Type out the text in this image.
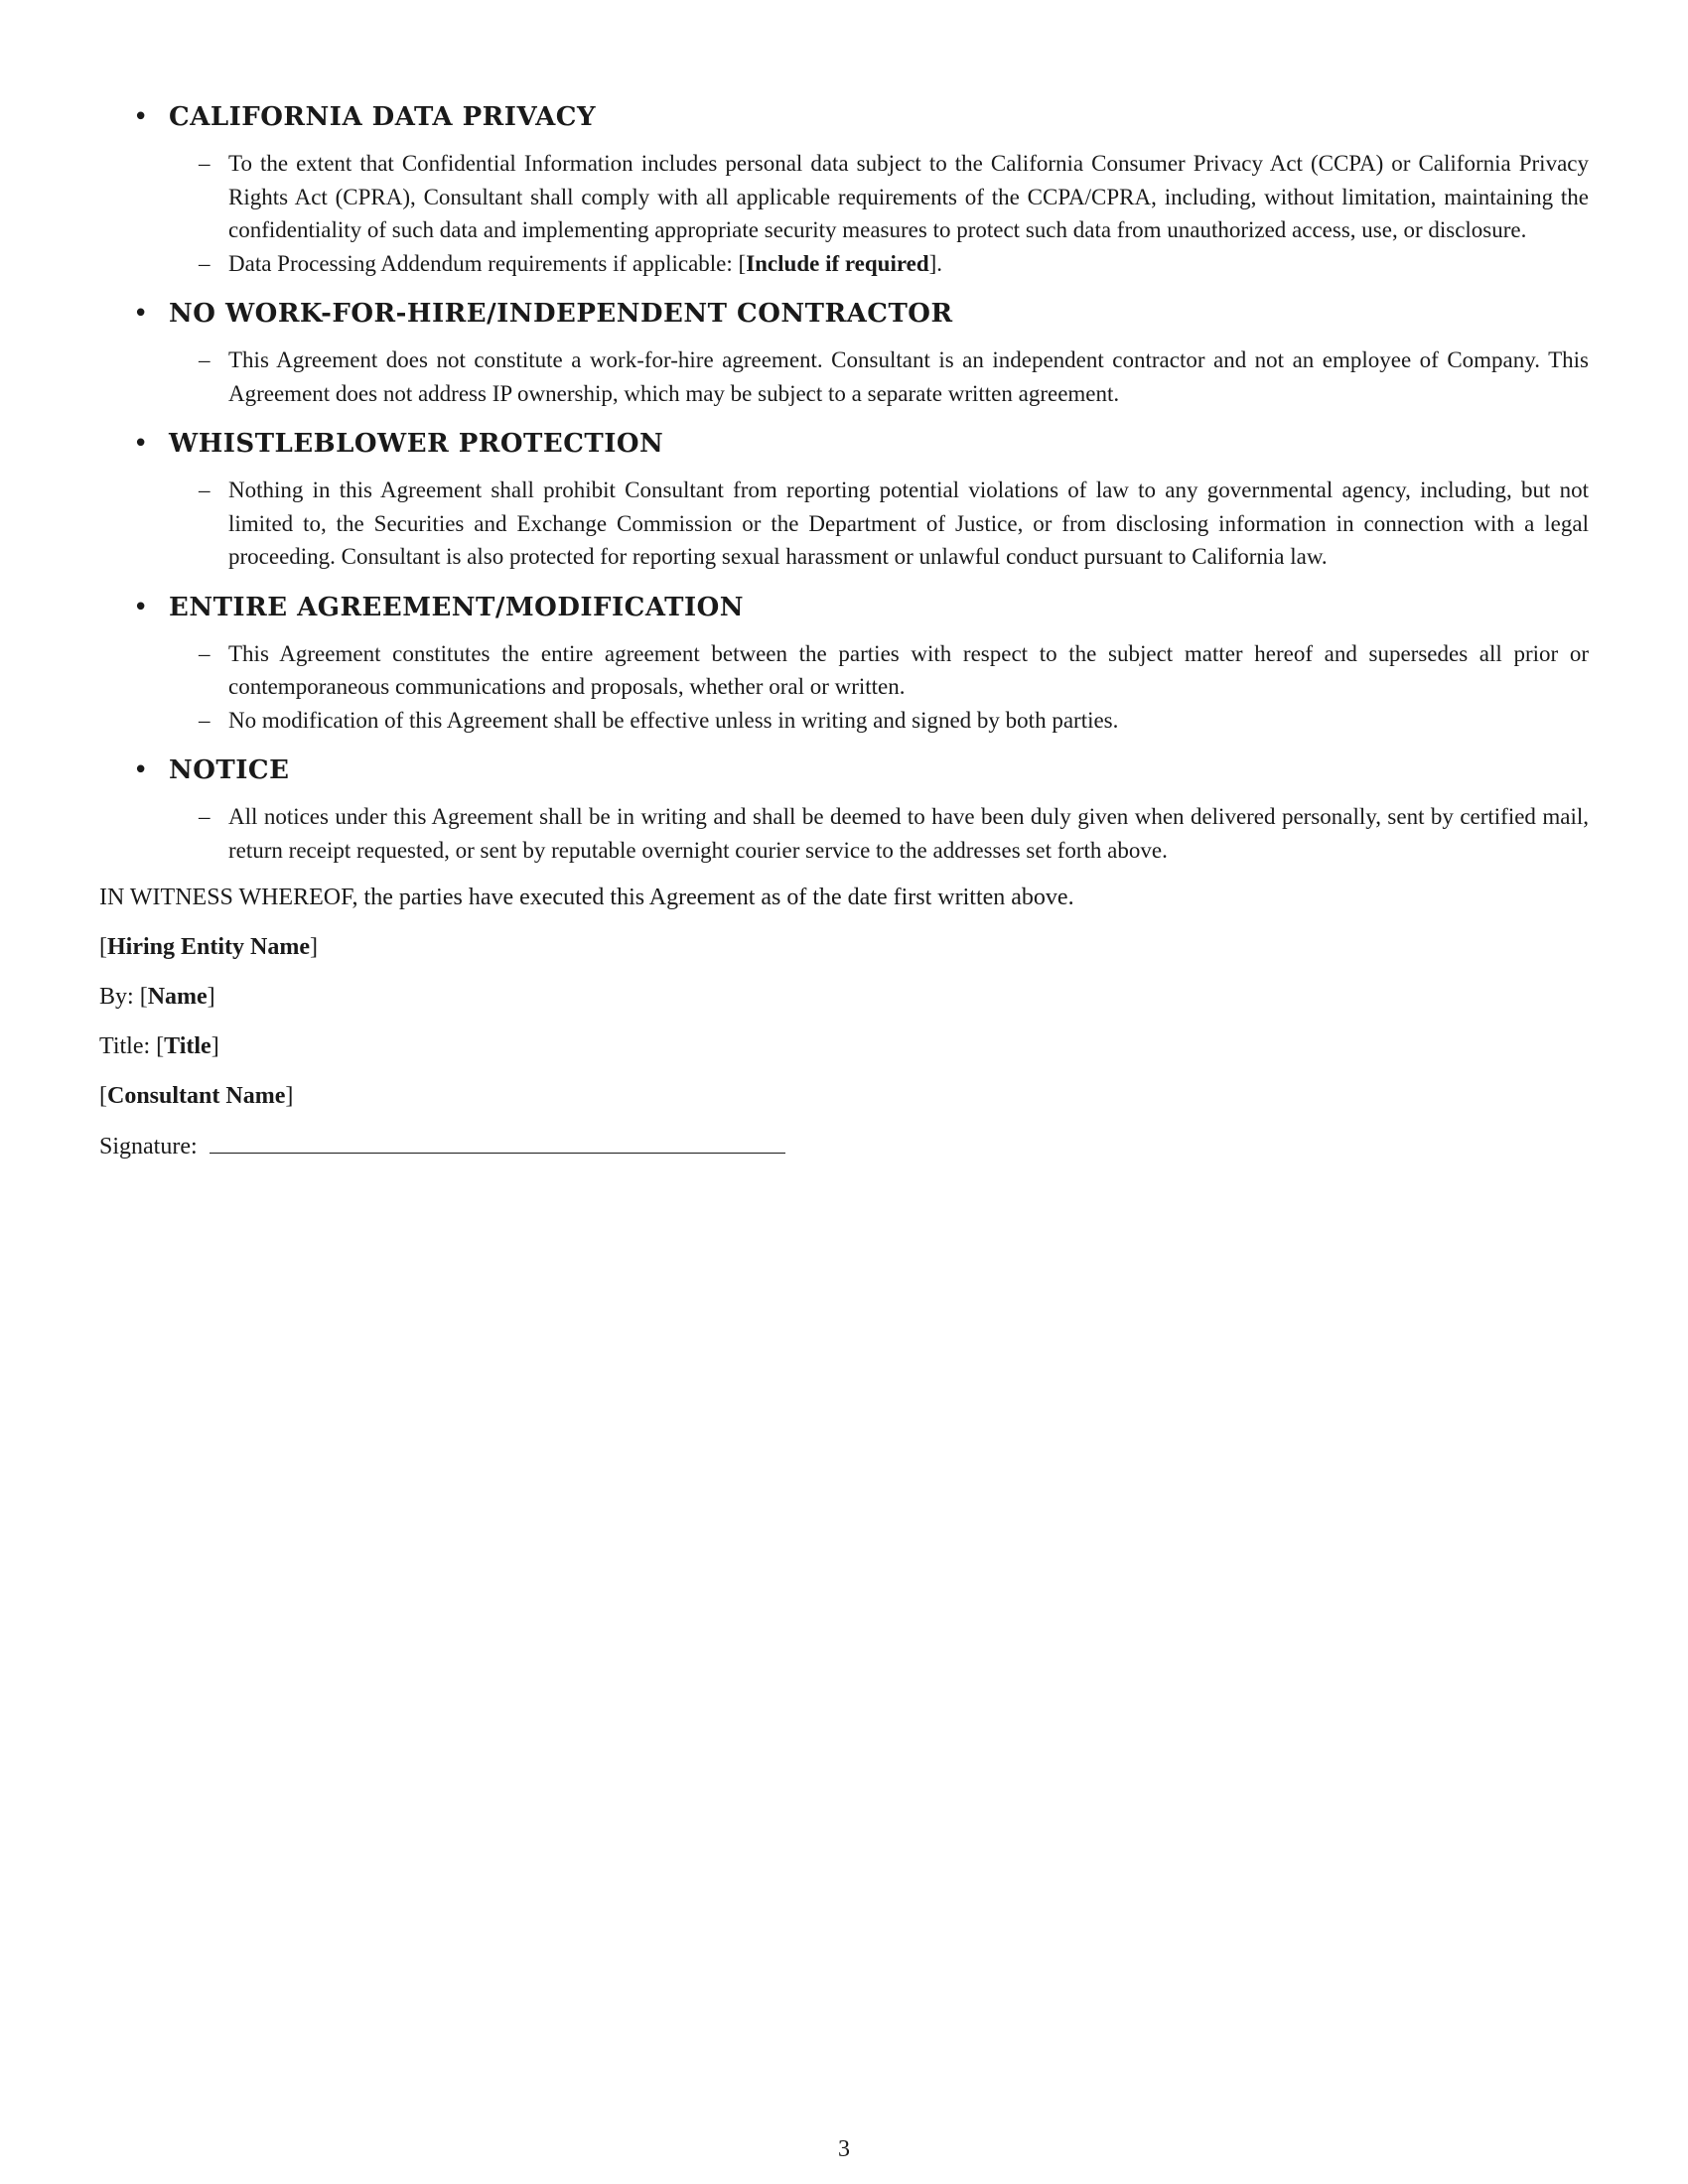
• CALIFORNIA DATA PRIVACY
– To the extent that Confidential Information includes personal data subject to the California Consumer Privacy Act (CCPA) or California Privacy Rights Act (CPRA), Consultant shall comply with all applicable requirements of the CCPA/CPRA, including, without limitation, maintaining the confidentiality of such data and implementing appropriate security measures to protect such data from unauthorized access, use, or disclosure.
– Data Processing Addendum requirements if applicable: [Include if required].
• NO WORK-FOR-HIRE/INDEPENDENT CONTRACTOR
– This Agreement does not constitute a work-for-hire agreement. Consultant is an independent contractor and not an employee of Company. This Agreement does not address IP ownership, which may be subject to a separate written agreement.
• WHISTLEBLOWER PROTECTION
– Nothing in this Agreement shall prohibit Consultant from reporting potential violations of law to any governmental agency, including, but not limited to, the Securities and Exchange Commission or the Department of Justice, or from disclosing information in connection with a legal proceeding. Consultant is also protected for reporting sexual harassment or unlawful conduct pursuant to California law.
• ENTIRE AGREEMENT/MODIFICATION
– This Agreement constitutes the entire agreement between the parties with respect to the subject matter hereof and supersedes all prior or contemporaneous communications and proposals, whether oral or written.
– No modification of this Agreement shall be effective unless in writing and signed by both parties.
• NOTICE
– All notices under this Agreement shall be in writing and shall be deemed to have been duly given when delivered personally, sent by certified mail, return receipt requested, or sent by reputable overnight courier service to the addresses set forth above.

IN WITNESS WHEREOF, the parties have executed this Agreement as of the date first written above.

[Hiring Entity Name]

By: [Name]

Title: [Title]

[Consultant Name]

Signature:

3
